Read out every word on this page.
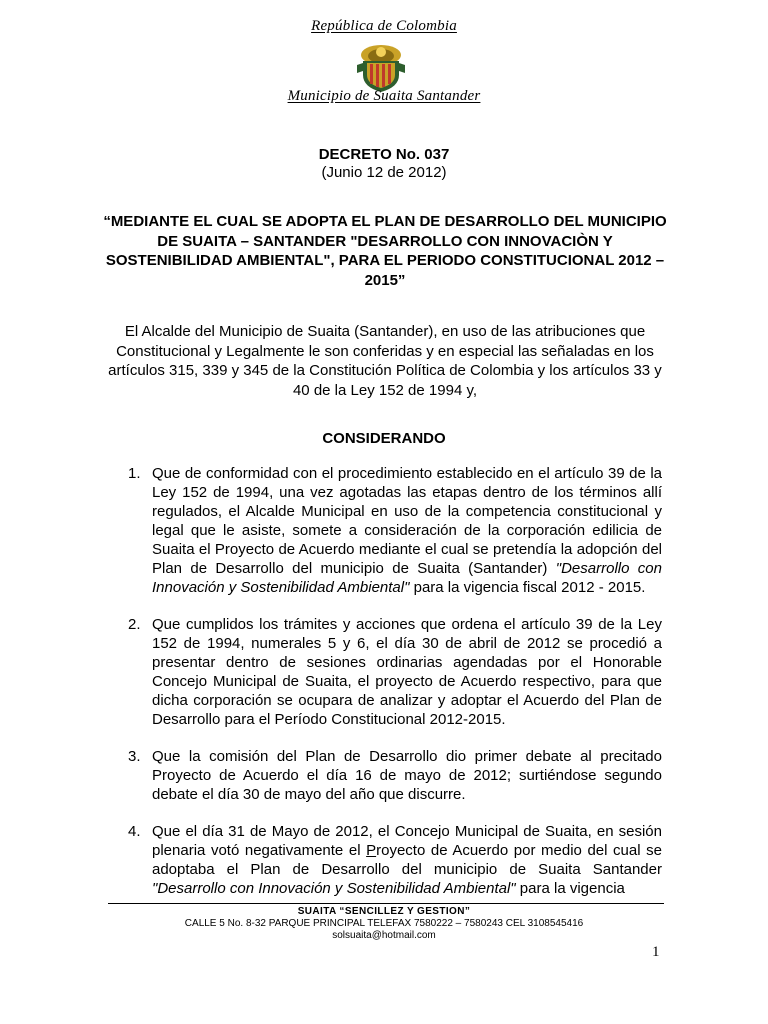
República de Colombia
Municipio de Suaita Santander
DECRETO No. 037
(Junio 12 de 2012)
“MEDIANTE EL CUAL SE ADOPTA EL PLAN DE DESARROLLO DEL MUNICIPIO DE SUAITA – SANTANDER "DESARROLLO CON INNOVACIÒN Y SOSTENIBILIDAD AMBIENTAL", PARA EL PERIODO CONSTITUCIONAL 2012 – 2015”
El Alcalde del Municipio de Suaita (Santander), en uso de las atribuciones que Constitucional y Legalmente le son conferidas y en especial las señaladas en los artículos 315, 339 y 345 de la Constitución Política de Colombia y los artículos 33 y 40 de la Ley 152 de 1994 y,
CONSIDERANDO
1. Que de conformidad con el procedimiento establecido en el artículo 39 de la Ley 152 de 1994, una vez agotadas las etapas dentro de los términos allí regulados, el Alcalde Municipal en uso de la competencia constitucional y legal que le asiste, somete a consideración de la corporación edilicia de Suaita el Proyecto de Acuerdo mediante el cual se pretendía la adopción del Plan de Desarrollo del municipio de Suaita (Santander) "Desarrollo con Innovación y Sostenibilidad Ambiental" para la vigencia fiscal 2012 - 2015.
2. Que cumplidos los trámites y acciones que ordena el artículo 39 de la Ley 152 de 1994, numerales 5 y 6, el día 30 de abril de 2012 se procedió a presentar dentro de sesiones ordinarias agendadas por el Honorable Concejo Municipal de Suaita, el proyecto de Acuerdo respectivo, para que dicha corporación se ocupara de analizar y adoptar el Acuerdo del Plan de Desarrollo para el Período Constitucional 2012-2015.
3. Que la comisión del Plan de Desarrollo dio primer debate al precitado Proyecto de Acuerdo el día 16 de mayo de 2012; surtiéndose segundo debate el día 30 de mayo del año que discurre.
4. Que el día 31 de Mayo de 2012, el Concejo Municipal de Suaita, en sesión plenaria votó negativamente el Proyecto de Acuerdo por medio del cual se adoptaba el Plan de Desarrollo del municipio de Suaita Santander "Desarrollo con Innovación y Sostenibilidad Ambiental" para la vigencia
SUAITA “SENCILLEZ Y GESTION”
CALLE 5 No. 8-32 PARQUE PRINCIPAL TELEFAX 7580222 – 7580243 CEL 3108545416
solsuaita@hotmail.com
1
